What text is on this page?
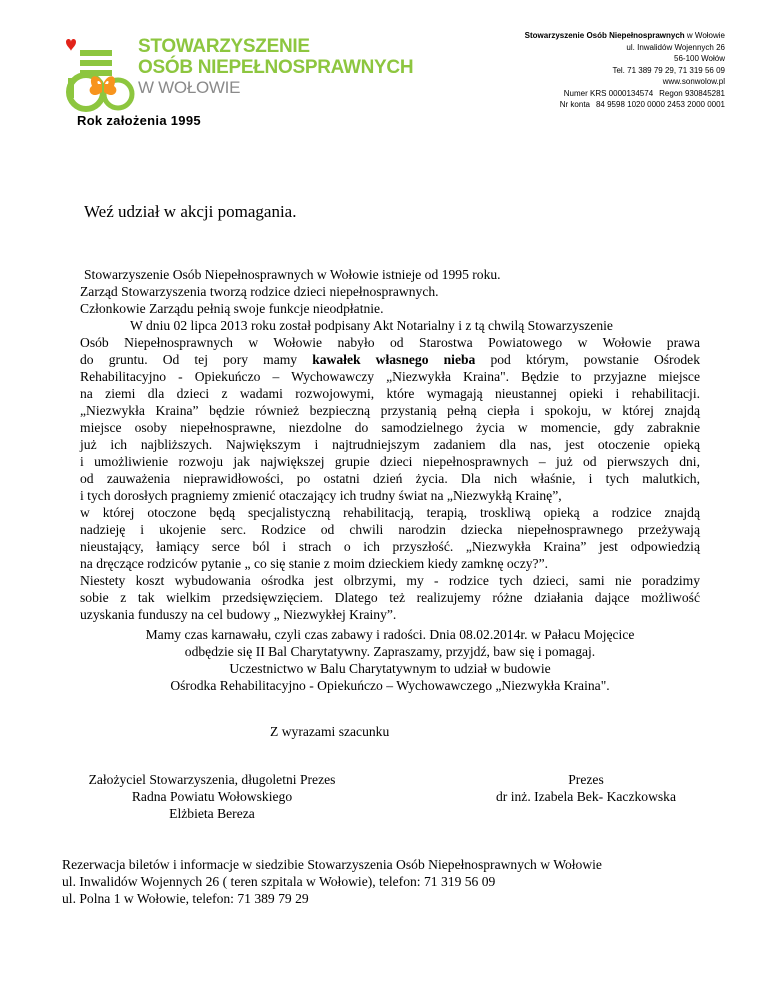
STOWARZYSZENIE
OSÓB NIEPEŁNOSPRAWNYCH
W WOŁOWIE
Rok założenia 1995
Stowarzyszenie Osób Niepełnosprawnych w Wołowie
ul. Inwalidów Wojennych 26
56-100 Wołów
Tel. 71 389 79 29, 71 319 56 09
www.sonwolow.pl
Numer KRS 0000134574 Regon 930845281
Nr konta 84 9598 1020 0000 2453 2000 0001
Weź udział w akcji pomagania.

Stowarzyszenie Osób Niepełnosprawnych w Wołowie istnieje od 1995 roku.

Zarząd Stowarzyszenia tworzą rodzice dzieci niepełnosprawnych.

Członkowie Zarządu pełnią swoje funkcje nieodpłatnie.

W dniu 02 lipca 2013 roku został podpisany Akt Notarialny i z tą chwilą Stowarzyszenie

Osób Niepełnosprawnych w Wołowie nabyło od Starostwa Powiatowego w Wołowie prawa

do gruntu. Od tej pory mamy kawałek własnego nieba pod którym, powstanie Ośrodek

Rehabilitacyjno - Opiekuńczo – Wychowawczy „Niezwykła Kraina". Będzie to przyjazne miejsce

na ziemi dla dzieci z wadami rozwojowymi, które wymagają nieustannej opieki i rehabilitacji.

„Niezwykła Kraina” będzie również bezpieczną przystanią pełną ciepła i spokoju, w której znajdą

miejsce osoby niepełnosprawne, niezdolne do samodzielnego życia w momencie, gdy zabraknie

już ich najbliższych. Największym i najtrudniejszym zadaniem dla nas, jest otoczenie opieką

i umożliwienie rozwoju jak największej grupie dzieci niepełnosprawnych – już od pierwszych dni,

od zauważenia nieprawidłowości, po ostatni dzień życia. Dla nich właśnie, i tych malutkich,

i tych dorosłych pragniemy zmienić otaczający ich trudny świat na „Niezwykłą Krainę”,

w której otoczone będą specjalistyczną rehabilitacją, terapią, troskliwą opieką a rodzice znajdą

nadzieję i ukojenie serc. Rodzice od chwili narodzin dziecka niepełnosprawnego przeżywają

nieustający, łamiący serce ból i strach o ich przyszłość. „Niezwykła Kraina” jest odpowiedzią

na dręczące rodziców pytanie „ co się stanie z moim dzieckiem kiedy zamknę oczy?”.

Niestety koszt wybudowania ośrodka jest olbrzymi, my - rodzice tych dzieci, sami nie poradzimy

sobie z tak wielkim przedsięwzięciem. Dlatego też realizujemy różne działania dające możliwość

uzyskania funduszy na cel budowy „ Niezwykłej Krainy”.

Mamy czas karnawału, czyli czas zabawy i radości. Dnia 08.02.2014r. w Pałacu Mojęcice

odbędzie się II Bal Charytatywny. Zapraszamy, przyjdź, baw się i pomagaj.

Uczestnictwo w Balu Charytatywnym to udział w budowie

Ośrodka Rehabilitacyjno - Opiekuńczo – Wychowawczego „Niezwykła Kraina".

Z wyrazami szacunku

Założyciel Stowarzyszenia, długoletni Prezes

Radna Powiatu Wołowskiego

Elżbieta Bereza

Prezes

dr inż. Izabela Bek- Kaczkowska

Rezerwacja biletów i informacje w siedzibie Stowarzyszenia Osób Niepełnosprawnych w Wołowie

ul. Inwalidów Wojennych 26 ( teren szpitala w Wołowie), telefon: 71 319 56 09

ul. Polna 1 w Wołowie, telefon: 71 389 79 29
